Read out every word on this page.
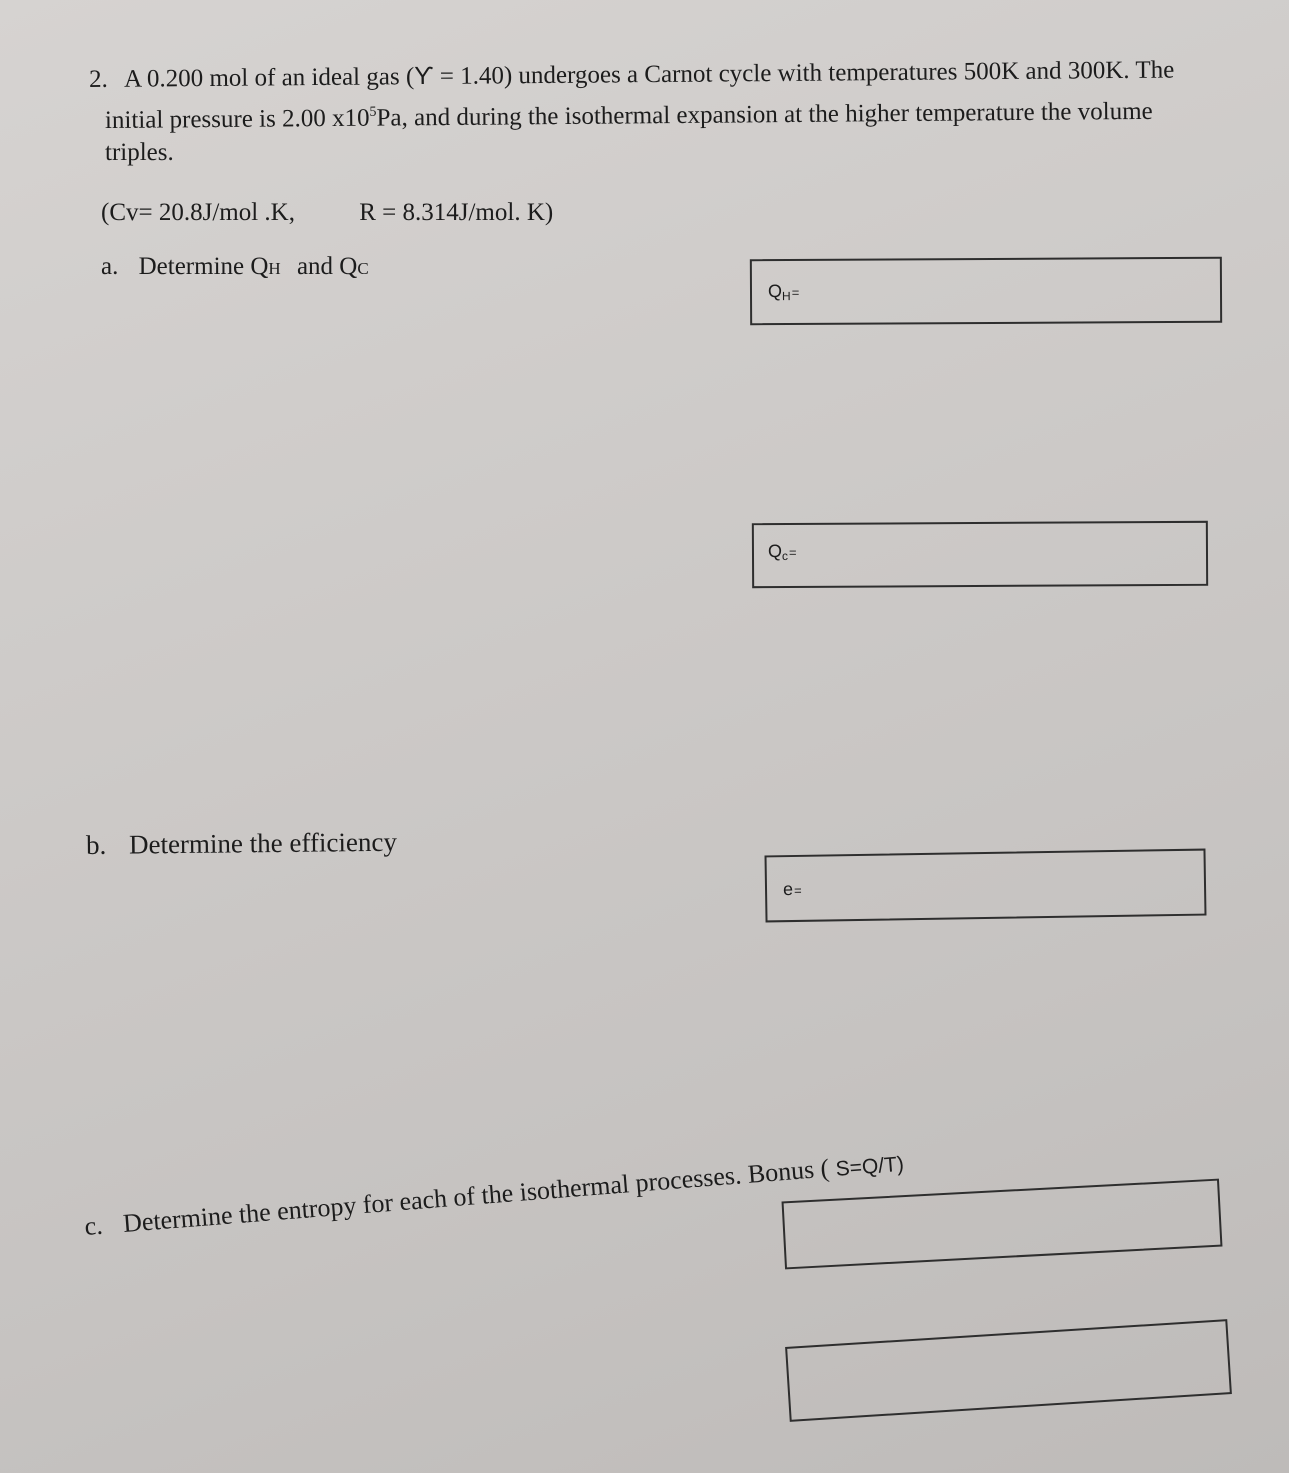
2. A 0.200 mol of an ideal gas (ϒ = 1.40) undergoes a Carnot cycle with temperatures 500K and 300K. The
initial pressure is 2.00 $x10^5Pa$, and during the isothermal expansion at the higher temperature the volume
triples.
(Cv= 20.8J/mol .K,	R = 8.314J/mol. K)
a. Determine QH and QC
QH=
Qc=
b. Determine the efficiency
e=
c. Determine the entropy for each of the isothermal processes. Bonus ( S=Q/T)
